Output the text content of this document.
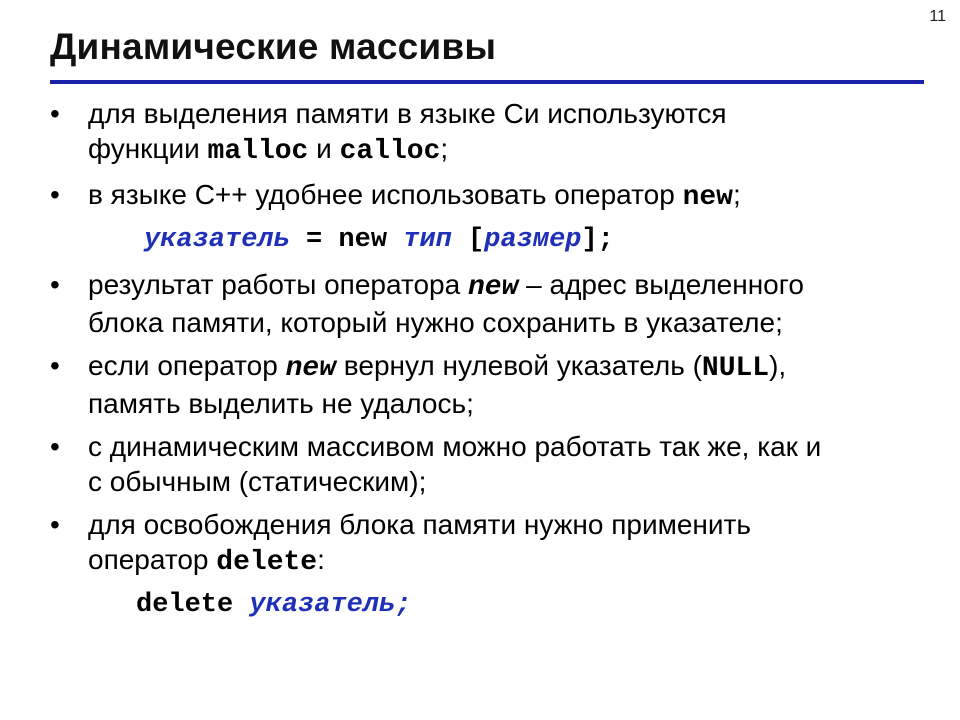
11
Динамические массивы
• для выделения памяти в языке Си используются
функции malloc и calloc;
• в языке С++ удобнее использовать оператор new;
указатель = new тип [размер];
• результат работы оператора new – адрес выделенного
блока памяти, который нужно сохранить в указателе;
• если оператор new вернул нулевой указатель (NULL),
память выделить не удалось;
• с динамическим массивом можно работать так же, как и
с обычным (статическим);
• для освобождения блока памяти нужно применить
оператор delete:
delete указатель;
